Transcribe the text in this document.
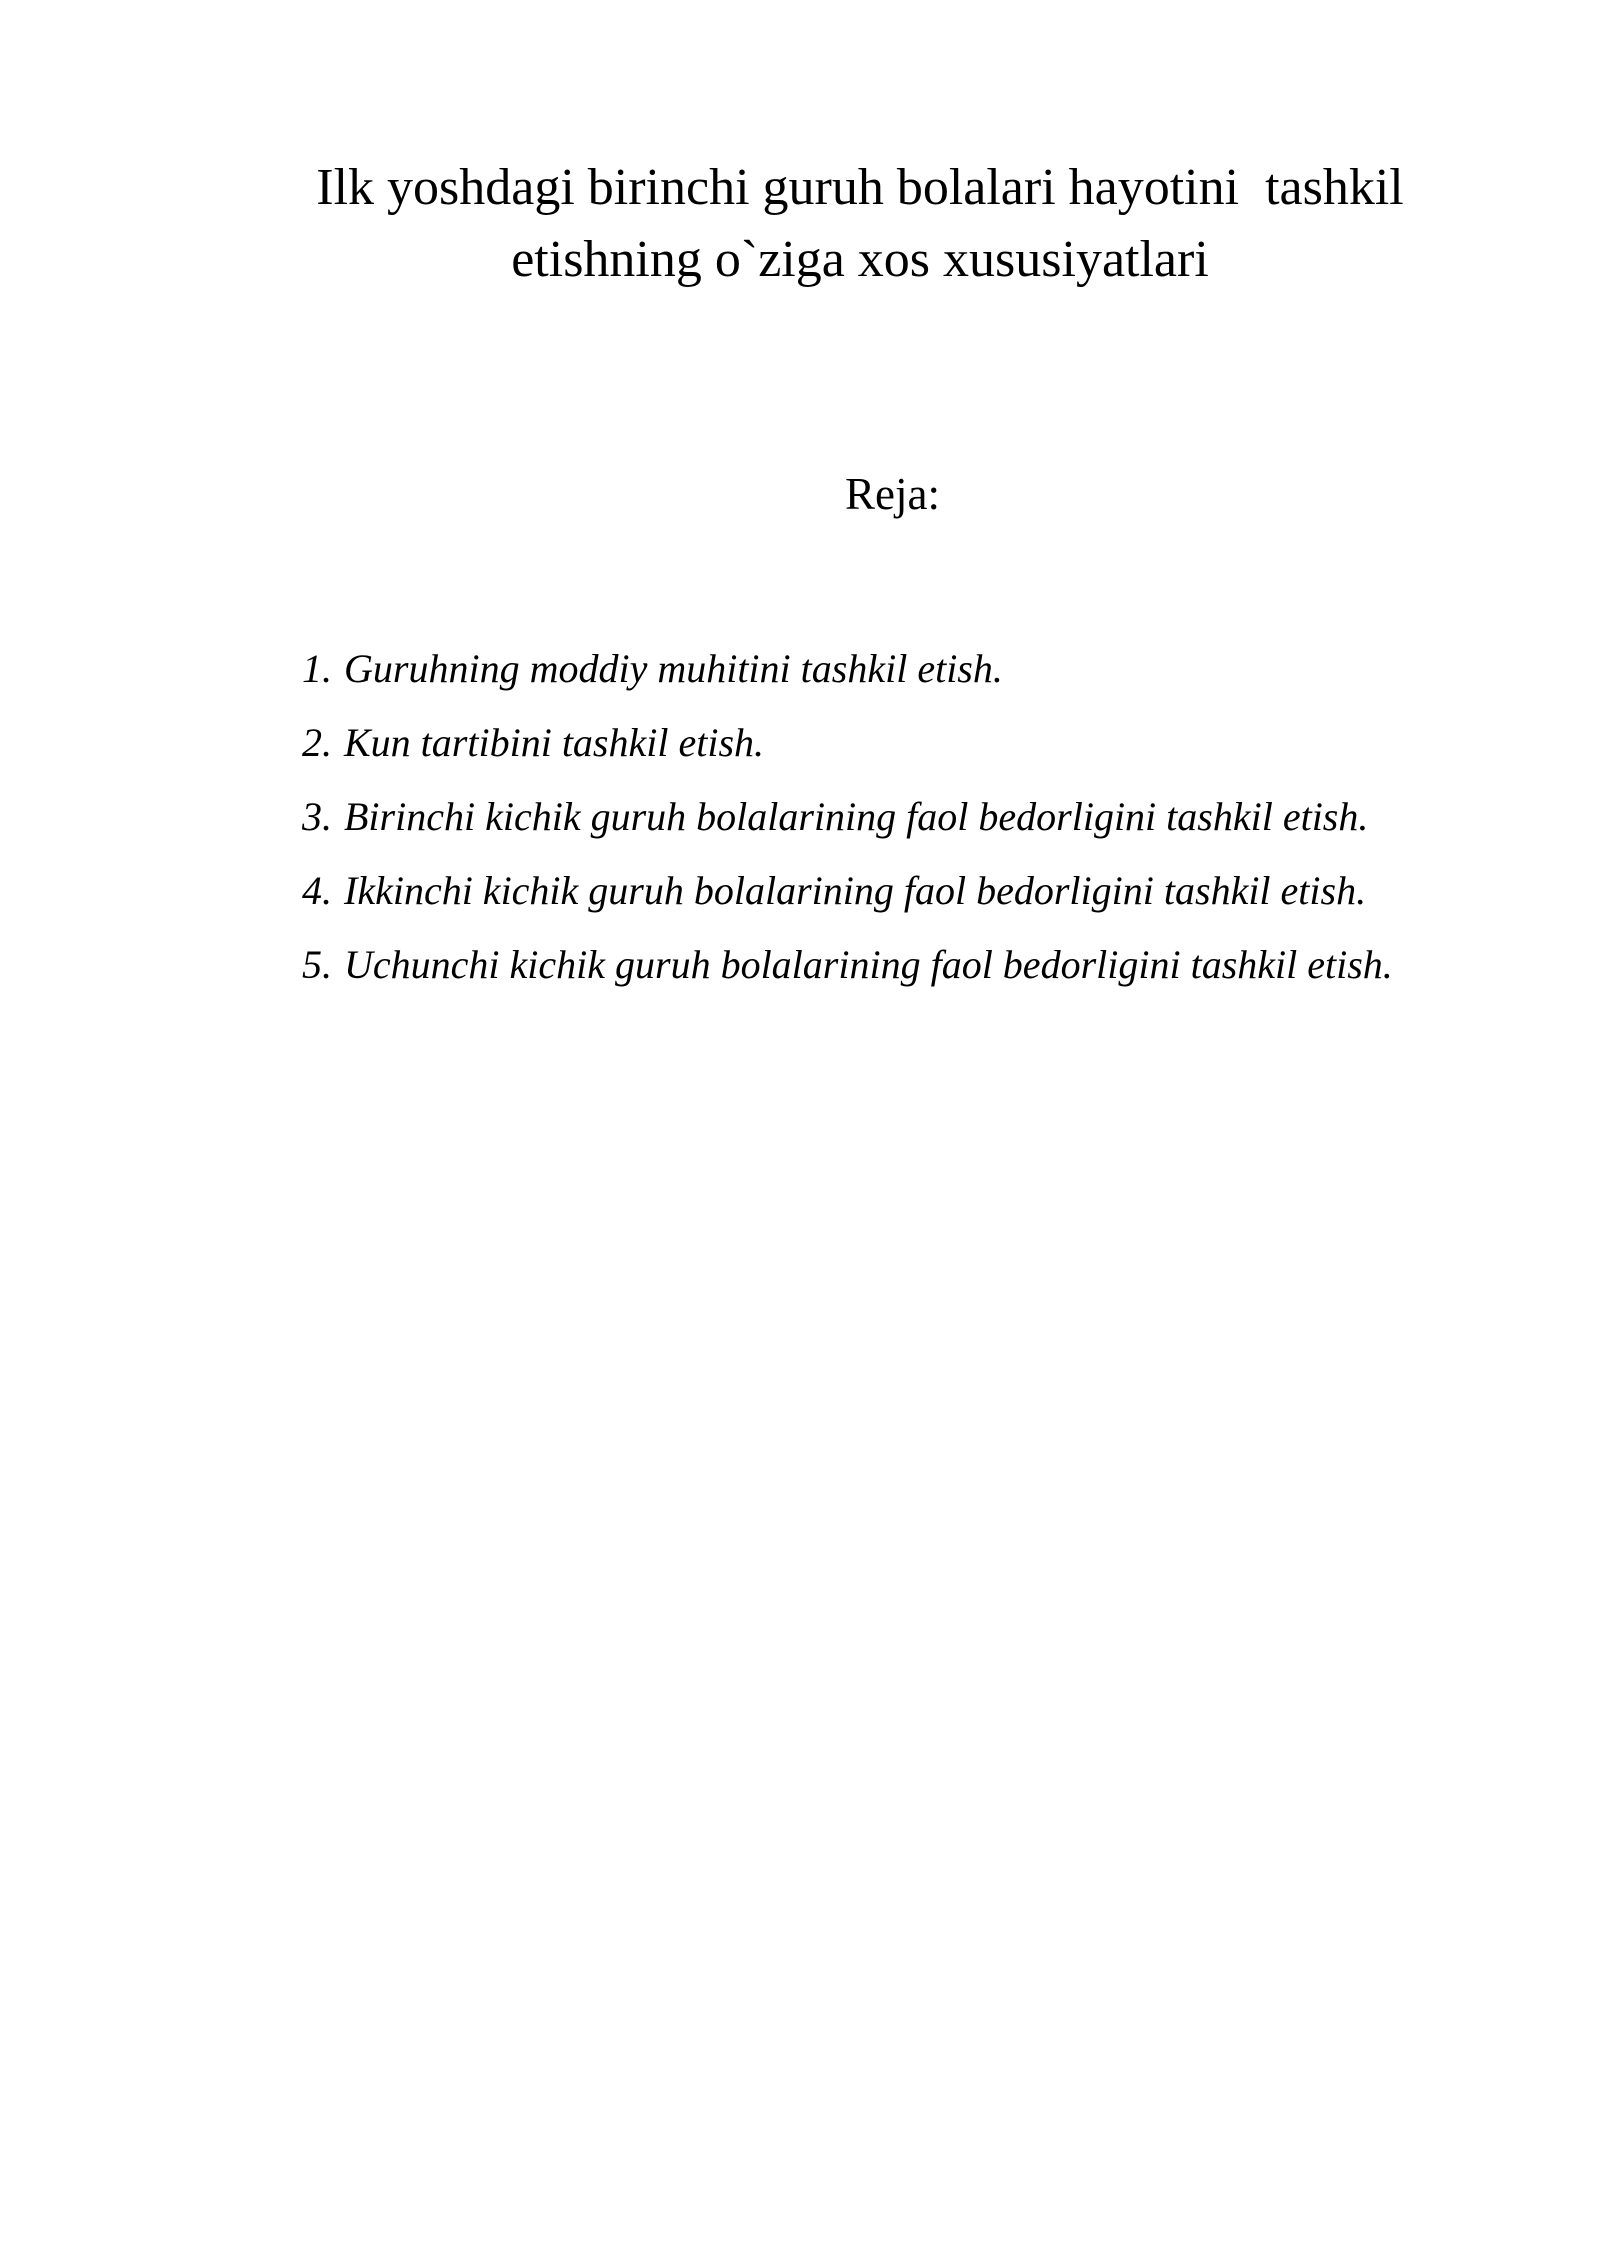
Ilk yoshdagi birinchi guruh bolalari hayotini  tashkil
etishning o`ziga xos xususiyatlari
Reja:
1. Guruhning moddiy muhitini tashkil etish.
2. Kun tartibini tashkil etish.
3. Birinchi kichik guruh bolalarining faol bedorligini tashkil etish.
4. Ikkinchi kichik guruh bolalarining faol bedorligini tashkil etish.
5. Uchunchi kichik guruh bolalarining faol bedorligini tashkil etish.
